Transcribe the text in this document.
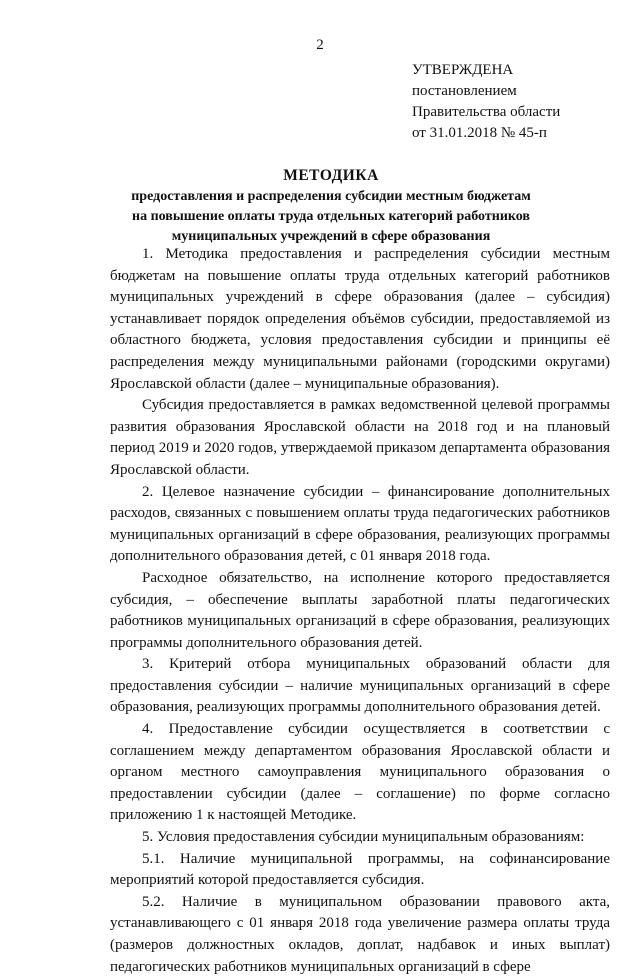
2
УТВЕРЖДЕНА
постановлением
Правительства области
от 31.01.2018 № 45-п
МЕТОДИКА
предоставления и распределения субсидии местным бюджетам
на повышение оплаты труда отдельных категорий работников
муниципальных учреждений в сфере образования

1. Методика предоставления и распределения субсидии местным бюджетам на повышение оплаты труда отдельных категорий работников муниципальных учреждений в сфере образования (далее – субсидия) устанавливает порядок определения объёмов субсидии, предоставляемой из областного бюджета, условия предоставления субсидии и принципы её распределения между муниципальными районами (городскими округами) Ярославской области (далее – муниципальные образования).

Субсидия предоставляется в рамках ведомственной целевой программы развития образования Ярославской области на 2018 год и на плановый период 2019 и 2020 годов, утверждаемой приказом департамента образования Ярославской области.

2. Целевое назначение субсидии – финансирование дополнительных расходов, связанных с повышением оплаты труда педагогических работников муниципальных организаций в сфере образования, реализующих программы дополнительного образования детей, с 01 января 2018 года.

Расходное обязательство, на исполнение которого предоставляется субсидия, – обеспечение выплаты заработной платы педагогических работников муниципальных организаций в сфере образования, реализующих программы дополнительного образования детей.

3. Критерий отбора муниципальных образований области для предоставления субсидии – наличие муниципальных организаций в сфере образования, реализующих программы дополнительного образования детей.

4. Предоставление субсидии осуществляется в соответствии с соглашением между департаментом образования Ярославской области и органом местного самоуправления муниципального образования о предоставлении субсидии (далее – соглашение) по форме согласно приложению 1 к настоящей Методике.

5. Условия предоставления субсидии муниципальным образованиям:

5.1. Наличие муниципальной программы, на софинансирование мероприятий которой предоставляется субсидия.

5.2. Наличие в муниципальном образовании правового акта, устанавливающего с 01 января 2018 года увеличение размера оплаты труда (размеров должностных окладов, доплат, надбавок и иных выплат) педагогических работников муниципальных организаций в сфере
